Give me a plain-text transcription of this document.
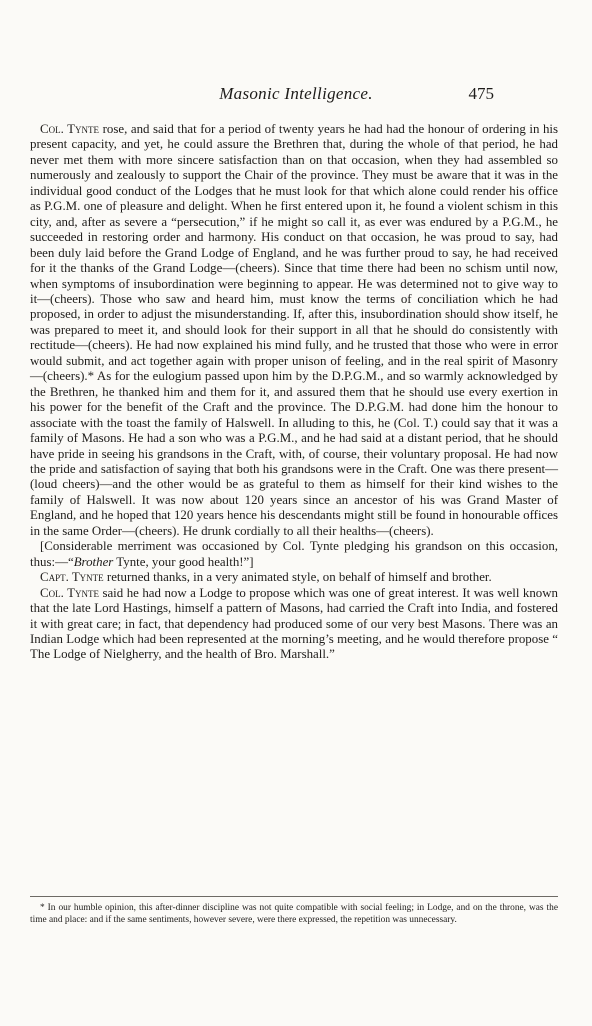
Masonic Intelligence.	475

Col. Tynte rose, and said that for a period of twenty years he had had the honour of ordering in his present capacity, and yet, he could assure the Brethren that, during the whole of that period, he had never met them with more sincere satisfaction than on that occasion, when they had assembled so numerously and zealously to support the Chair of the province. They must be aware that it was in the individual good conduct of the Lodges that he must look for that which alone could render his office as P.G.M. one of pleasure and delight. When he first entered upon it, he found a violent schism in this city, and, after as severe a “persecution,” if he might so call it, as ever was endured by a P.G.M., he succeeded in restoring order and harmony. His conduct on that occasion, he was proud to say, had been duly laid before the Grand Lodge of England, and he was further proud to say, he had received for it the thanks of the Grand Lodge—(cheers). Since that time there had been no schism until now, when symptoms of insubordination were beginning to appear. He was determined not to give way to it—(cheers). Those who saw and heard him, must know the terms of conciliation which he had proposed, in order to adjust the misunderstanding. If, after this, insubordination should show itself, he was prepared to meet it, and should look for their support in all that he should do consistently with rectitude—(cheers). He had now explained his mind fully, and he trusted that those who were in error would submit, and act together again with proper unison of feeling, and in the real spirit of Masonry—(cheers).* As for the eulogium passed upon him by the D.P.G.M., and so warmly acknowledged by the Brethren, he thanked him and them for it, and assured them that he should use every exertion in his power for the benefit of the Craft and the province. The D.P.G.M. had done him the honour to associate with the toast the family of Halswell. In alluding to this, he (Col. T.) could say that it was a family of Masons. He had a son who was a P.G.M., and he had said at a distant period, that he should have pride in seeing his grandsons in the Craft, with, of course, their voluntary proposal. He had now the pride and satisfaction of saying that both his grandsons were in the Craft. One was there present—(loud cheers)—and the other would be as grateful to them as himself for their kind wishes to the family of Halswell. It was now about 120 years since an ancestor of his was Grand Master of England, and he hoped that 120 years hence his descendants might still be found in honourable offices in the same Order—(cheers). He drunk cordially to all their healths—(cheers).

[Considerable merriment was occasioned by Col. Tynte pledging his grandson on this occasion, thus:—“Brother Tynte, your good health!”]

Capt. Tynte returned thanks, in a very animated style, on behalf of himself and brother.

Col. Tynte said he had now a Lodge to propose which was one of great interest. It was well known that the late Lord Hastings, himself a pattern of Masons, had carried the Craft into India, and fostered it with great care; in fact, that dependency had produced some of our very best Masons. There was an Indian Lodge which had been represented at the morning’s meeting, and he would therefore propose “ The Lodge of Nielgherry, and the health of Bro. Marshall.”

* In our humble opinion, this after-dinner discipline was not quite compatible with social feeling; in Lodge, and on the throne, was the time and place: and if the same sentiments, however severe, were there expressed, the repetition was unnecessary.
